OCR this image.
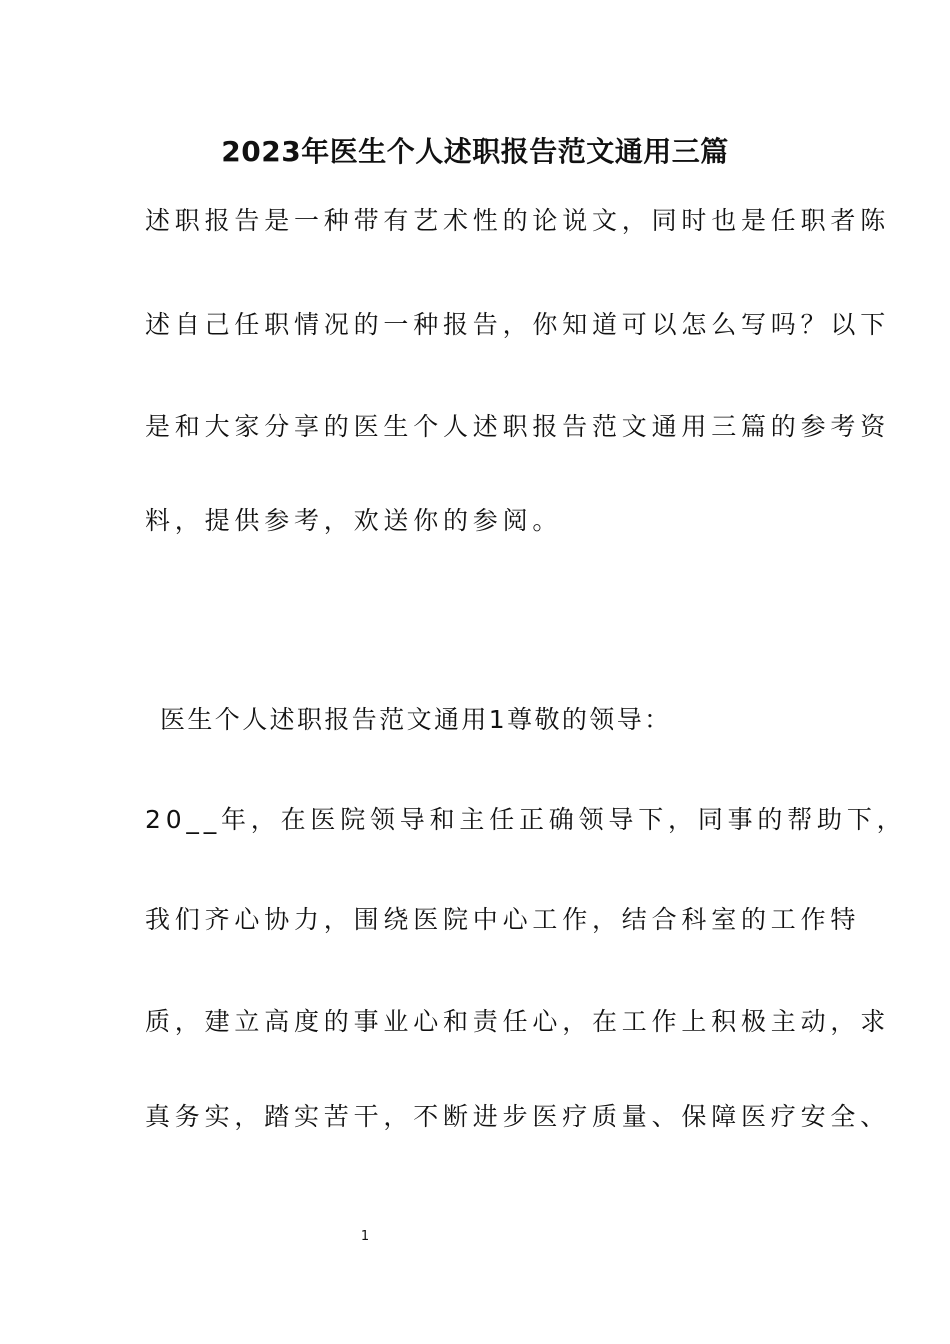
2023年医生个人述职报告范文通用三篇
述职报告是一种带有艺术性的论说文，同时也是任职者陈
述自己任职情况的一种报告，你知道可以怎么写吗？以下
是和大家分享的医生个人述职报告范文通用三篇的参考资
料，提供参考，欢送你的参阅。
医生个人述职报告范文通用1尊敬的领导：
20__年，在医院领导和主任正确领导下，同事的帮助下，
我们齐心协力，围绕医院中心工作，结合科室的工作特
质，建立高度的事业心和责任心，在工作上积极主动，求
真务实，踏实苦干，不断进步医疗质量、保障医疗安全、
1
